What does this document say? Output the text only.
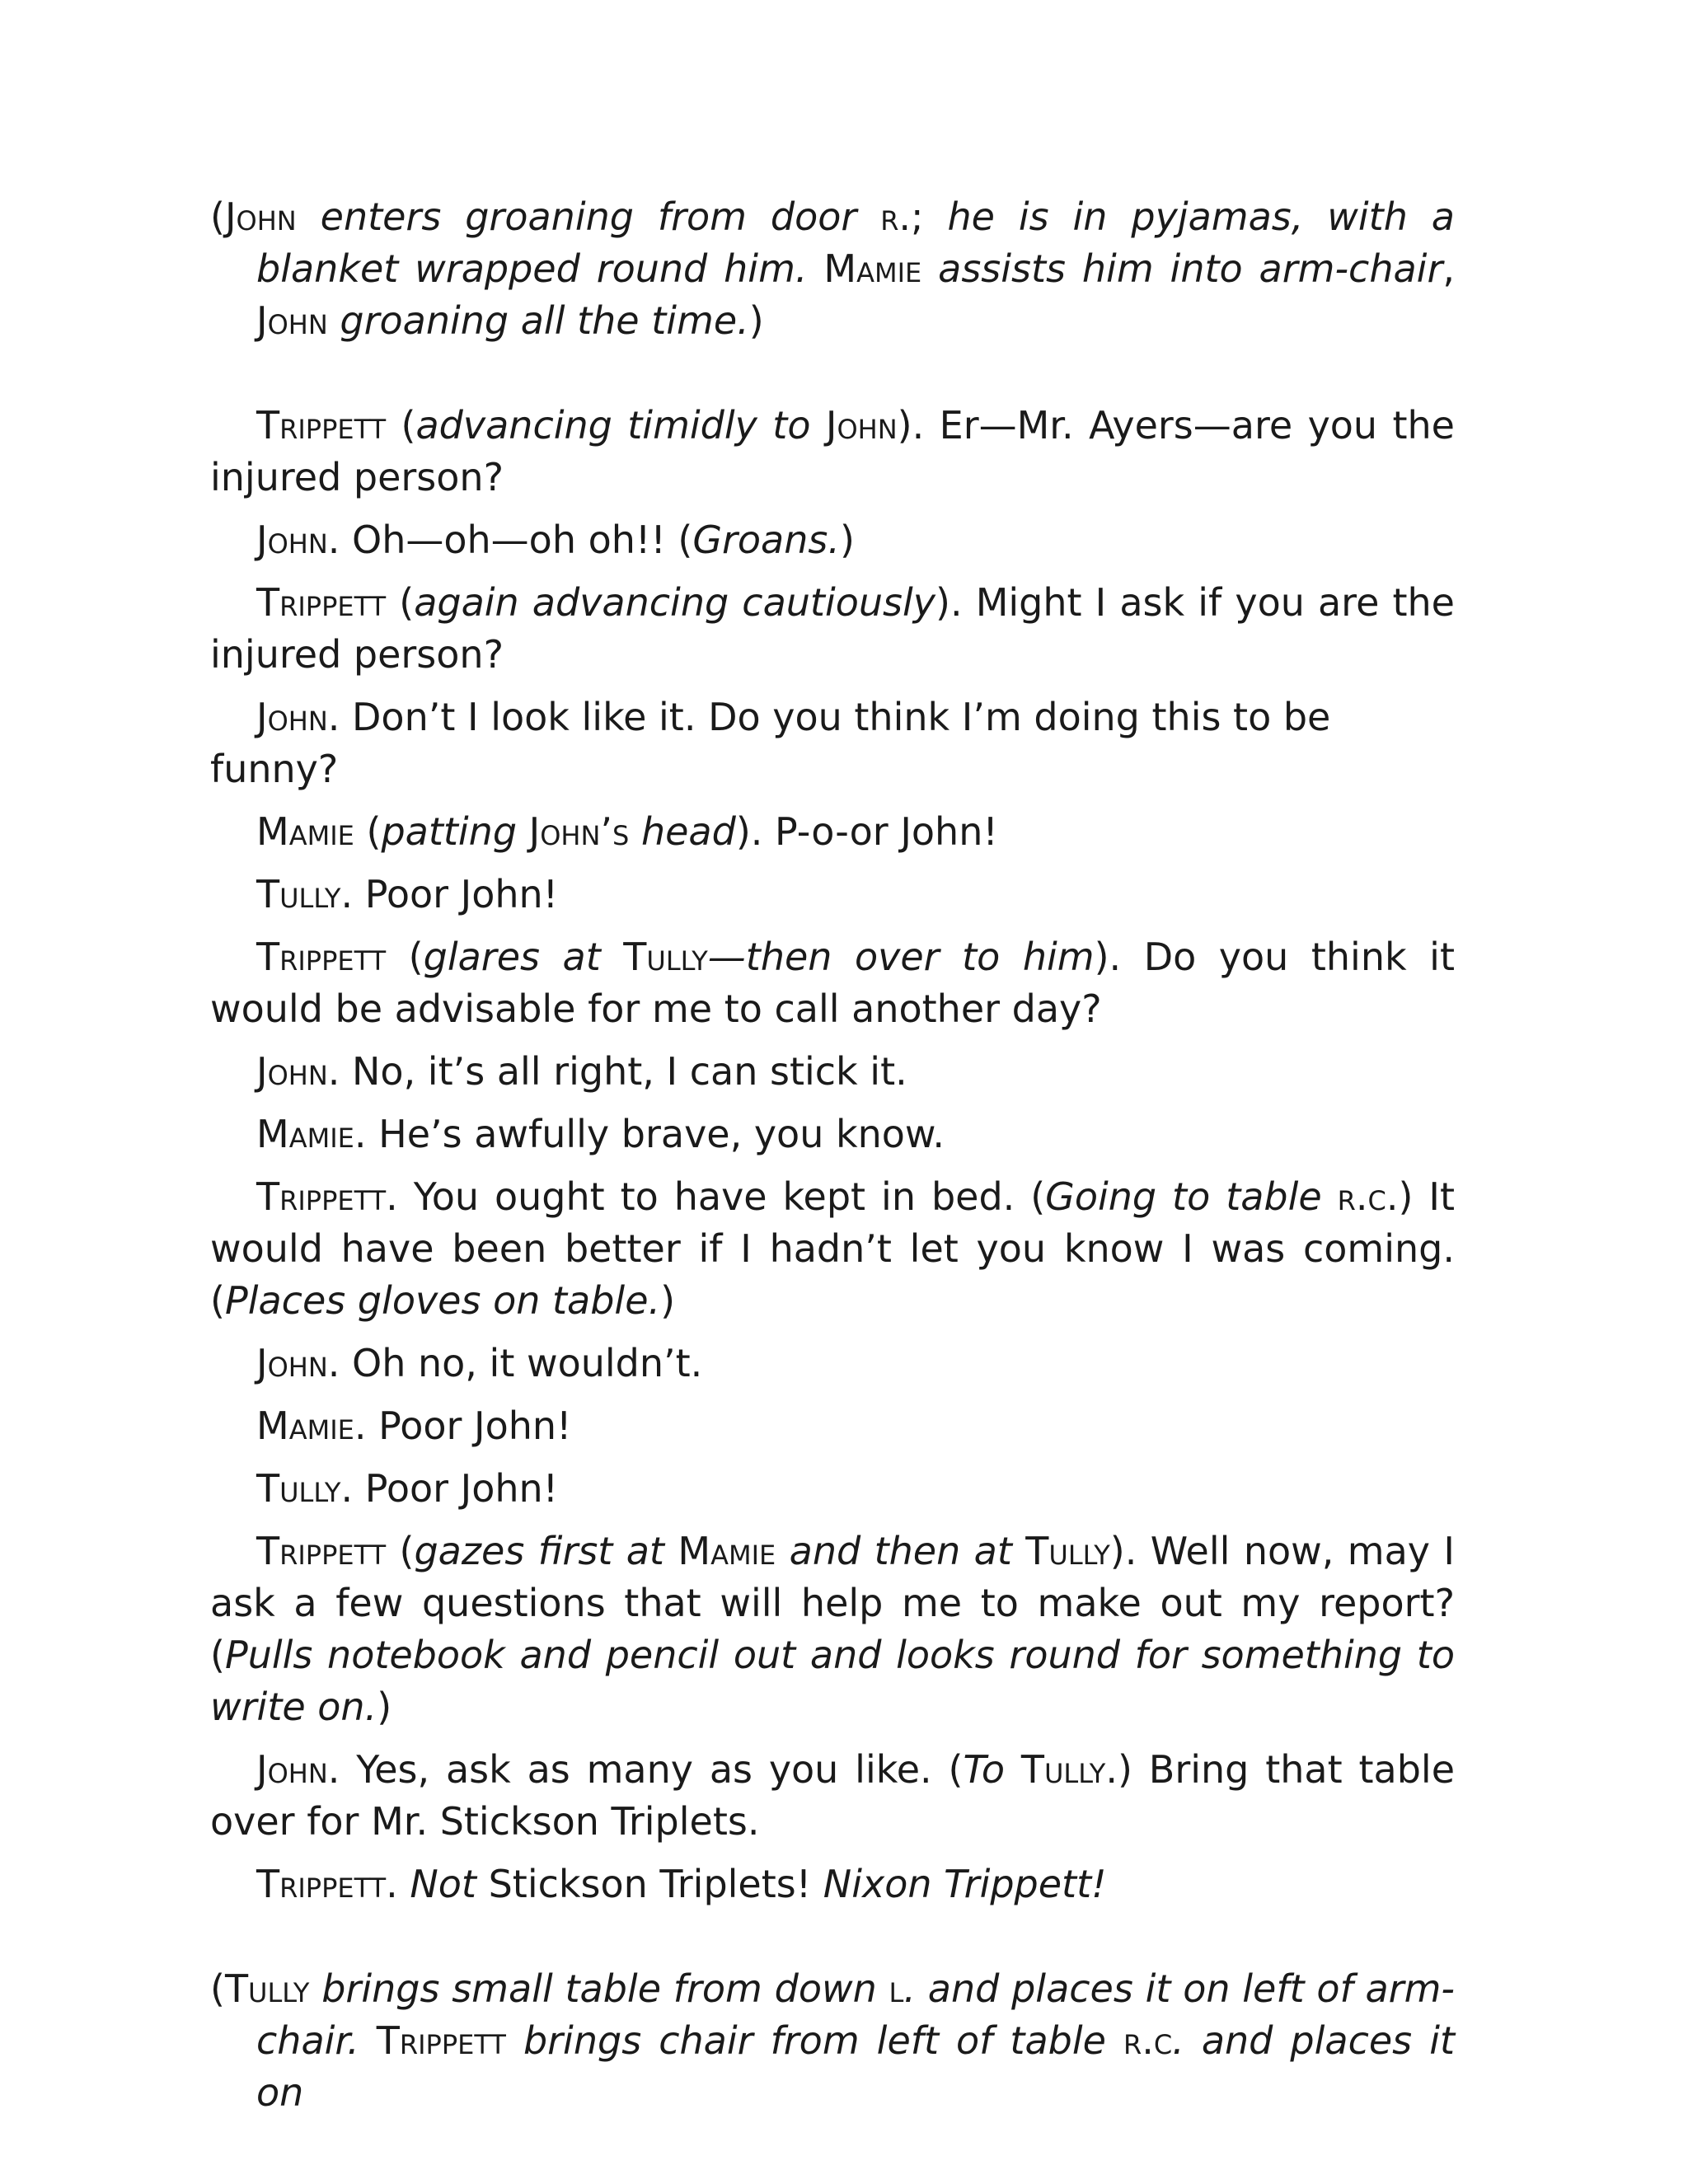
(John enters groaning from door r.; he is in pyjamas, with a blanket wrapped round him. Mamie assists him into arm-chair, John groaning all the time.)

Trippett (advancing timidly to John). Er—Mr. Ayers—are you the injured person?

John. Oh—oh—oh oh!! (Groans.)

Trippett (again advancing cautiously). Might I ask if you are the injured person?

John. Don’t I look like it. Do you think I’m doing this to be funny?

Mamie (patting John’s head). P-o-or John!

Tully. Poor John!

Trippett (glares at Tully—then over to him). Do you think it would be advisable for me to call another day?

John. No, it’s all right, I can stick it.

Mamie. He’s awfully brave, you know.

Trippett. You ought to have kept in bed. (Going to table r.c.) It would have been better if I hadn’t let you know I was coming. (Places gloves on table.)

John. Oh no, it wouldn’t.

Mamie. Poor John!

Tully. Poor John!

Trippett (gazes first at Mamie and then at Tully). Well now, may I ask a few questions that will help me to make out my report? (Pulls notebook and pencil out and looks round for something to write on.)

John. Yes, ask as many as you like. (To Tully.) Bring that table over for Mr. Stickson Triplets.

Trippett. Not Stickson Triplets! Nixon Trippett!

(Tully brings small table from down l. and places it on left of arm-chair. Trippett brings chair from left of table r.c. and places it on
